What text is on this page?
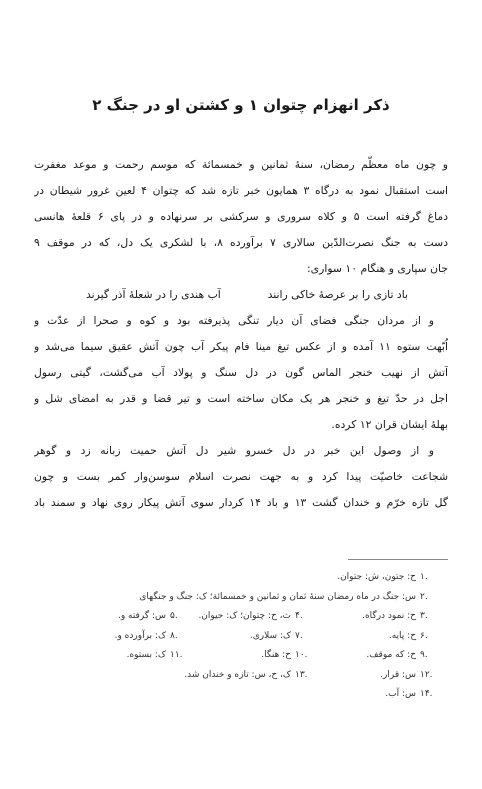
ذکر انهزام چتوان ۱ و کشتن او در جنگ ۲
و چون ماه معظّم رمضان، سنهٔ ثمانین و خمسمائة که موسم رحمت و موعد مغفرت
است استقبال نمود به درگاه ۳ همایون خبر تازه شد که چتوان ۴ لعین غرور شیطان در
دماغ گرفته است ۵ و کلاه سروری و سرکشی بر سرنهاده و در پای ۶ قلعهٔ هانسی
دست به جنگ نصرت‌الدّین سالاری ۷ برآورده ۸، با لشکری یک دل، که در موقف ۹
جان سپاری و هنگام ۱۰ سواری:
باد تازی را بر عرصهٔ خاکی رانند
آب هندی را در شعلهٔ آذر گیرند
و از مردان جنگی فضای آن دیار تنگی پذیرفته بود و کوه و صحرا از عدّت و
اُبّهت ستوه ۱۱ آمده و از عکس تیغ مینا فام پیکر آب چون آتش عقیق سیما می‌شد و
آتش از نهیب خنجر الماس گون در دل سنگ و پولاد آب می‌گشت، گیتی رسول
اجل در حدّ تیغ و خنجر هر یک مکان ساخته است و تیر قضا و قدر به امضای شل و
بهلهٔ ایشان قران ۱۲ کرده.
و از وصول این خبر در دل خسرو شیر دل آتش حمیت زبانه زد و گوهر
شجاعت خاصیّت پیدا کرد و به جهت نصرت اسلام سوسن‌وار کمر بست و چون
گل تازه خرّم و خندان گشت ۱۳ و باد ۱۴ کردار سوی آتش پیکار روی نهاد و سمند باد
۱.
ح: جتون، ش: جتوان.
۲.
س: جنگ در ماه رمضان سنهٔ ثمان و ثمانین و خمسمائة؛ ک: جنگ و جنگهای
۳.
ح: نمود درگاه.
۴.
ث، ح: چتوان؛ ک: حیوان.
۵.
س: گرفته و.
۶.
ح: پایه.
۷.
ک: سلاری.
۸.
ک: برآورده و.
۹.
ح: که موقف.
۱۰.
ح: هنگا.
۱۱.
ک: بستوه.
۱۲.
س: قرار.
۱۳.
ک، ح، س: تازه و خندان شد.
۱۴.
س: آب.
